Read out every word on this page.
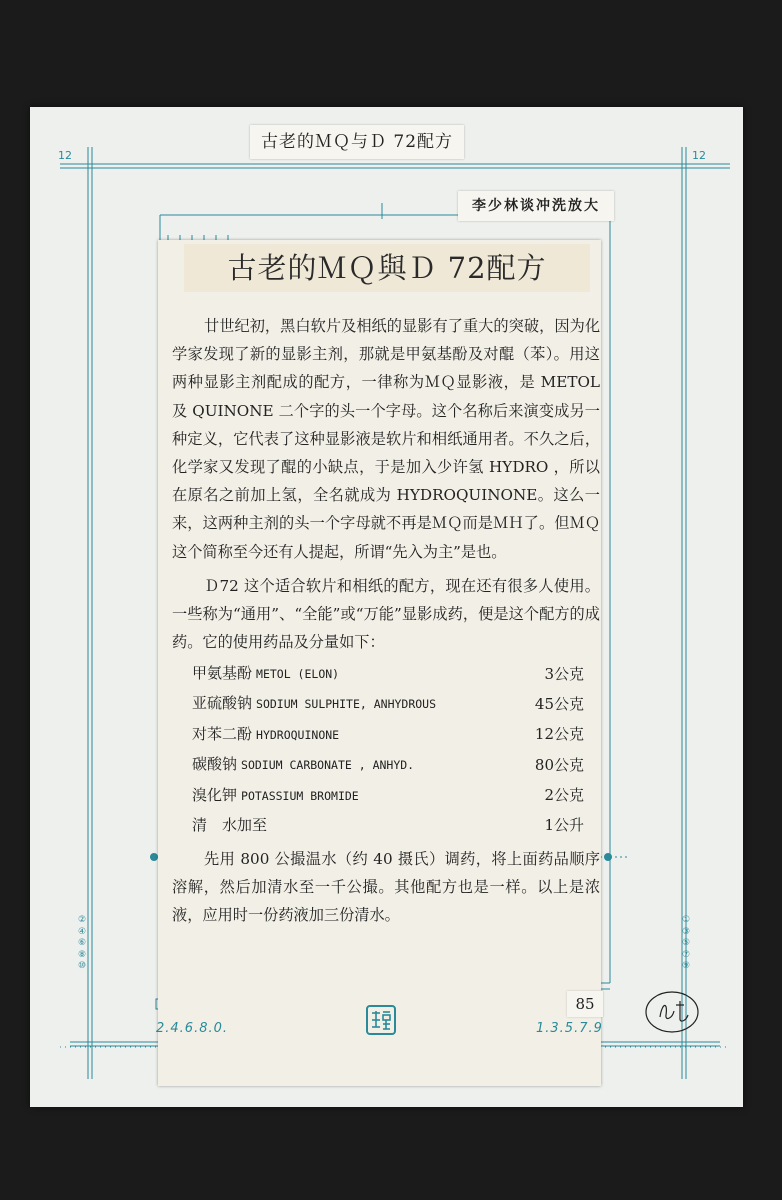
12	12
②
④
⑥
⑧
⑩
①
③
⑤
⑦
⑨
古老的ＭＱ与Ｄ 72配方
李少林谈冲洗放大
古老的ＭＱ與Ｄ 72配方

廿世纪初，黑白软片及相纸的显影有了重大的突破，因为化学家发现了新的显影主剂，那就是甲氨基酚及对醌（苯）。用这两种显影主剂配成的配方，一律称为ＭＱ显影液，是 METOL 及 QUINONE 二个字的头一个字母。这个名称后来演变成另一种定义，它代表了这种显影液是软片和相纸通用者。不久之后，化学家又发现了醌的小缺点，于是加入少许氢 HYDRO ，所以在原名之前加上氢，全名就成为 HYDROQUINONE。这么一来，这两种主剂的头一个字母就不再是ＭＱ而是ＭＨ了。但ＭＱ这个简称至今还有人提起，所谓“先入为主”是也。

Ｄ72 这个适合软片和相纸的配方，现在还有很多人使用。一些称为“通用”、“全能”或“万能”显影成药，便是这个配方的成药。它的使用药品及分量如下：

甲氨基酚 METOL (ELON)	3公克
亚硫酸钠 SODIUM SULPHITE, ANHYDROUS	45公克
对苯二酚 HYDROQUINONE	12公克
碳酸钠 SODIUM CARBONATE , ANHYD.	80公克
溴化钾 POTASSIUM BROMIDE	2公克
清　水加至	1公升

先用 800 公撮温水（约 40 摄氏）调药，将上面药品顺序溶解，然后加清水至一千公撮。其他配方也是一样。以上是浓液，应用时一份药液加三份清水。

85
2.4.6.8.0.	1.3.5.7.9
